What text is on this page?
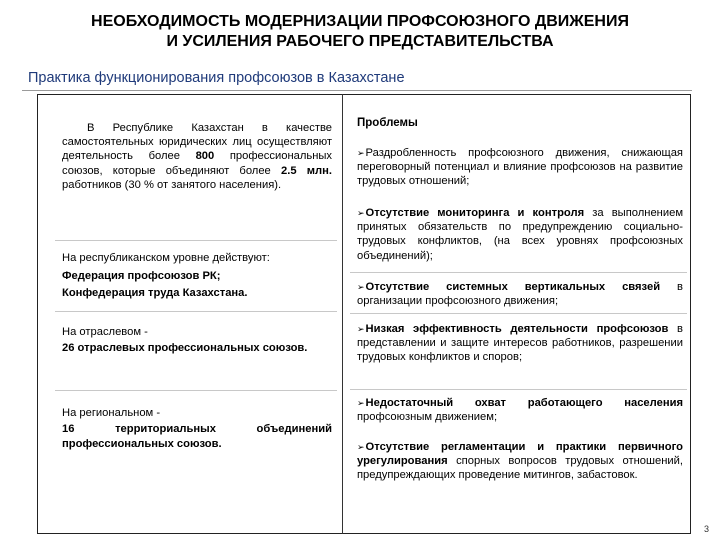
НЕОБХОДИМОСТЬ МОДЕРНИЗАЦИИ ПРОФСОЮЗНОГО ДВИЖЕНИЯ
И УСИЛЕНИЯ РАБОЧЕГО ПРЕДСТАВИТЕЛЬСТВА
Практика функционирования профсоюзов в Казахстане
В Республике Казахстан в качестве самостоятельных юридических лиц осуществляют деятельность более 800 профессиональных союзов, которые объединяют более 2.5 млн. работников (30 % от занятого населения).
На республиканском уровне действуют:
Федерация профсоюзов РК;
Конфедерация труда Казахстана.
На отраслевом -
26 отраслевых профессиональных союзов.
На региональном -
16 территориальных объединений профессиональных союзов.
Проблемы
➢Раздробленность профсоюзного движения, снижающая переговорный потенциал и влияние профсоюзов на развитие трудовых отношений;
➢Отсутствие мониторинга и контроля за выполнением принятых обязательств по предупреждению социально-трудовых конфликтов, (на всех уровнях профсоюзных объединений);
➢Отсутствие системных вертикальных связей в организации профсоюзного движения;
➢Низкая эффективность деятельности профсоюзов в представлении и защите интересов работников, разрешении трудовых конфликтов и споров;
➢Недостаточный охват работающего населения профсоюзным движением;
➢Отсутствие регламентации и практики первичного урегулирования спорных вопросов трудовых отношений, предупреждающих проведение митингов, забастовок.
3
